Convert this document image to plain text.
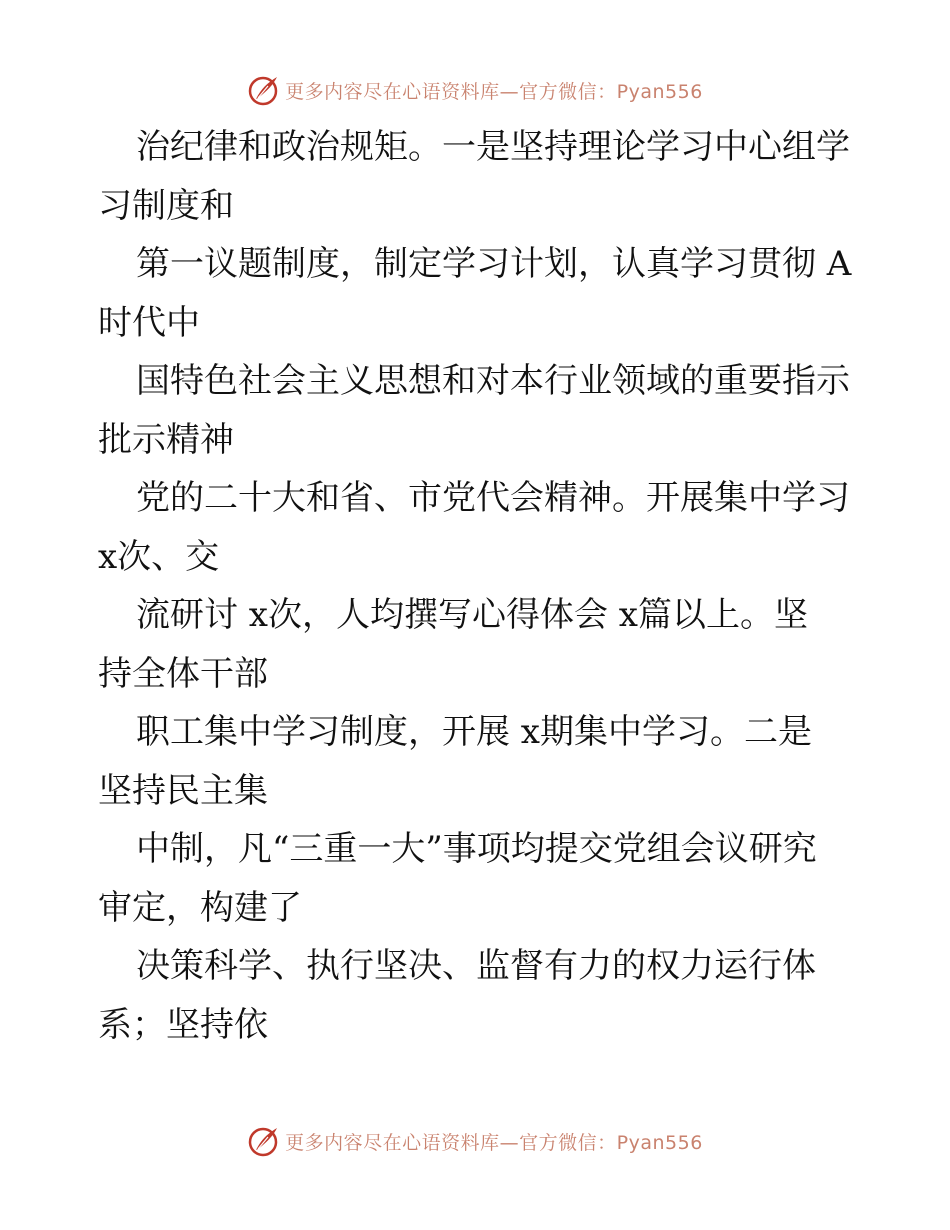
更多内容尽在心语资料库—官方微信：Pyan556

治纪律和政治规矩。一是坚持理论学习中心组学
习制度和

第一议题制度，制定学习计划，认真学习贯彻 A
时代中

国特色社会主义思想和对本行业领域的重要指示
批示精神

党的二十大和省、市党代会精神。开展集中学习
x次、交

流研讨 x次，人均撰写心得体会 x篇以上。坚
持全体干部

职工集中学习制度，开展 x期集中学习。二是
坚持民主集

中制，凡“三重一大”事项均提交党组会议研究
审定，构建了

决策科学、执行坚决、监督有力的权力运行体
系；坚持依

更多内容尽在心语资料库—官方微信：Pyan556
